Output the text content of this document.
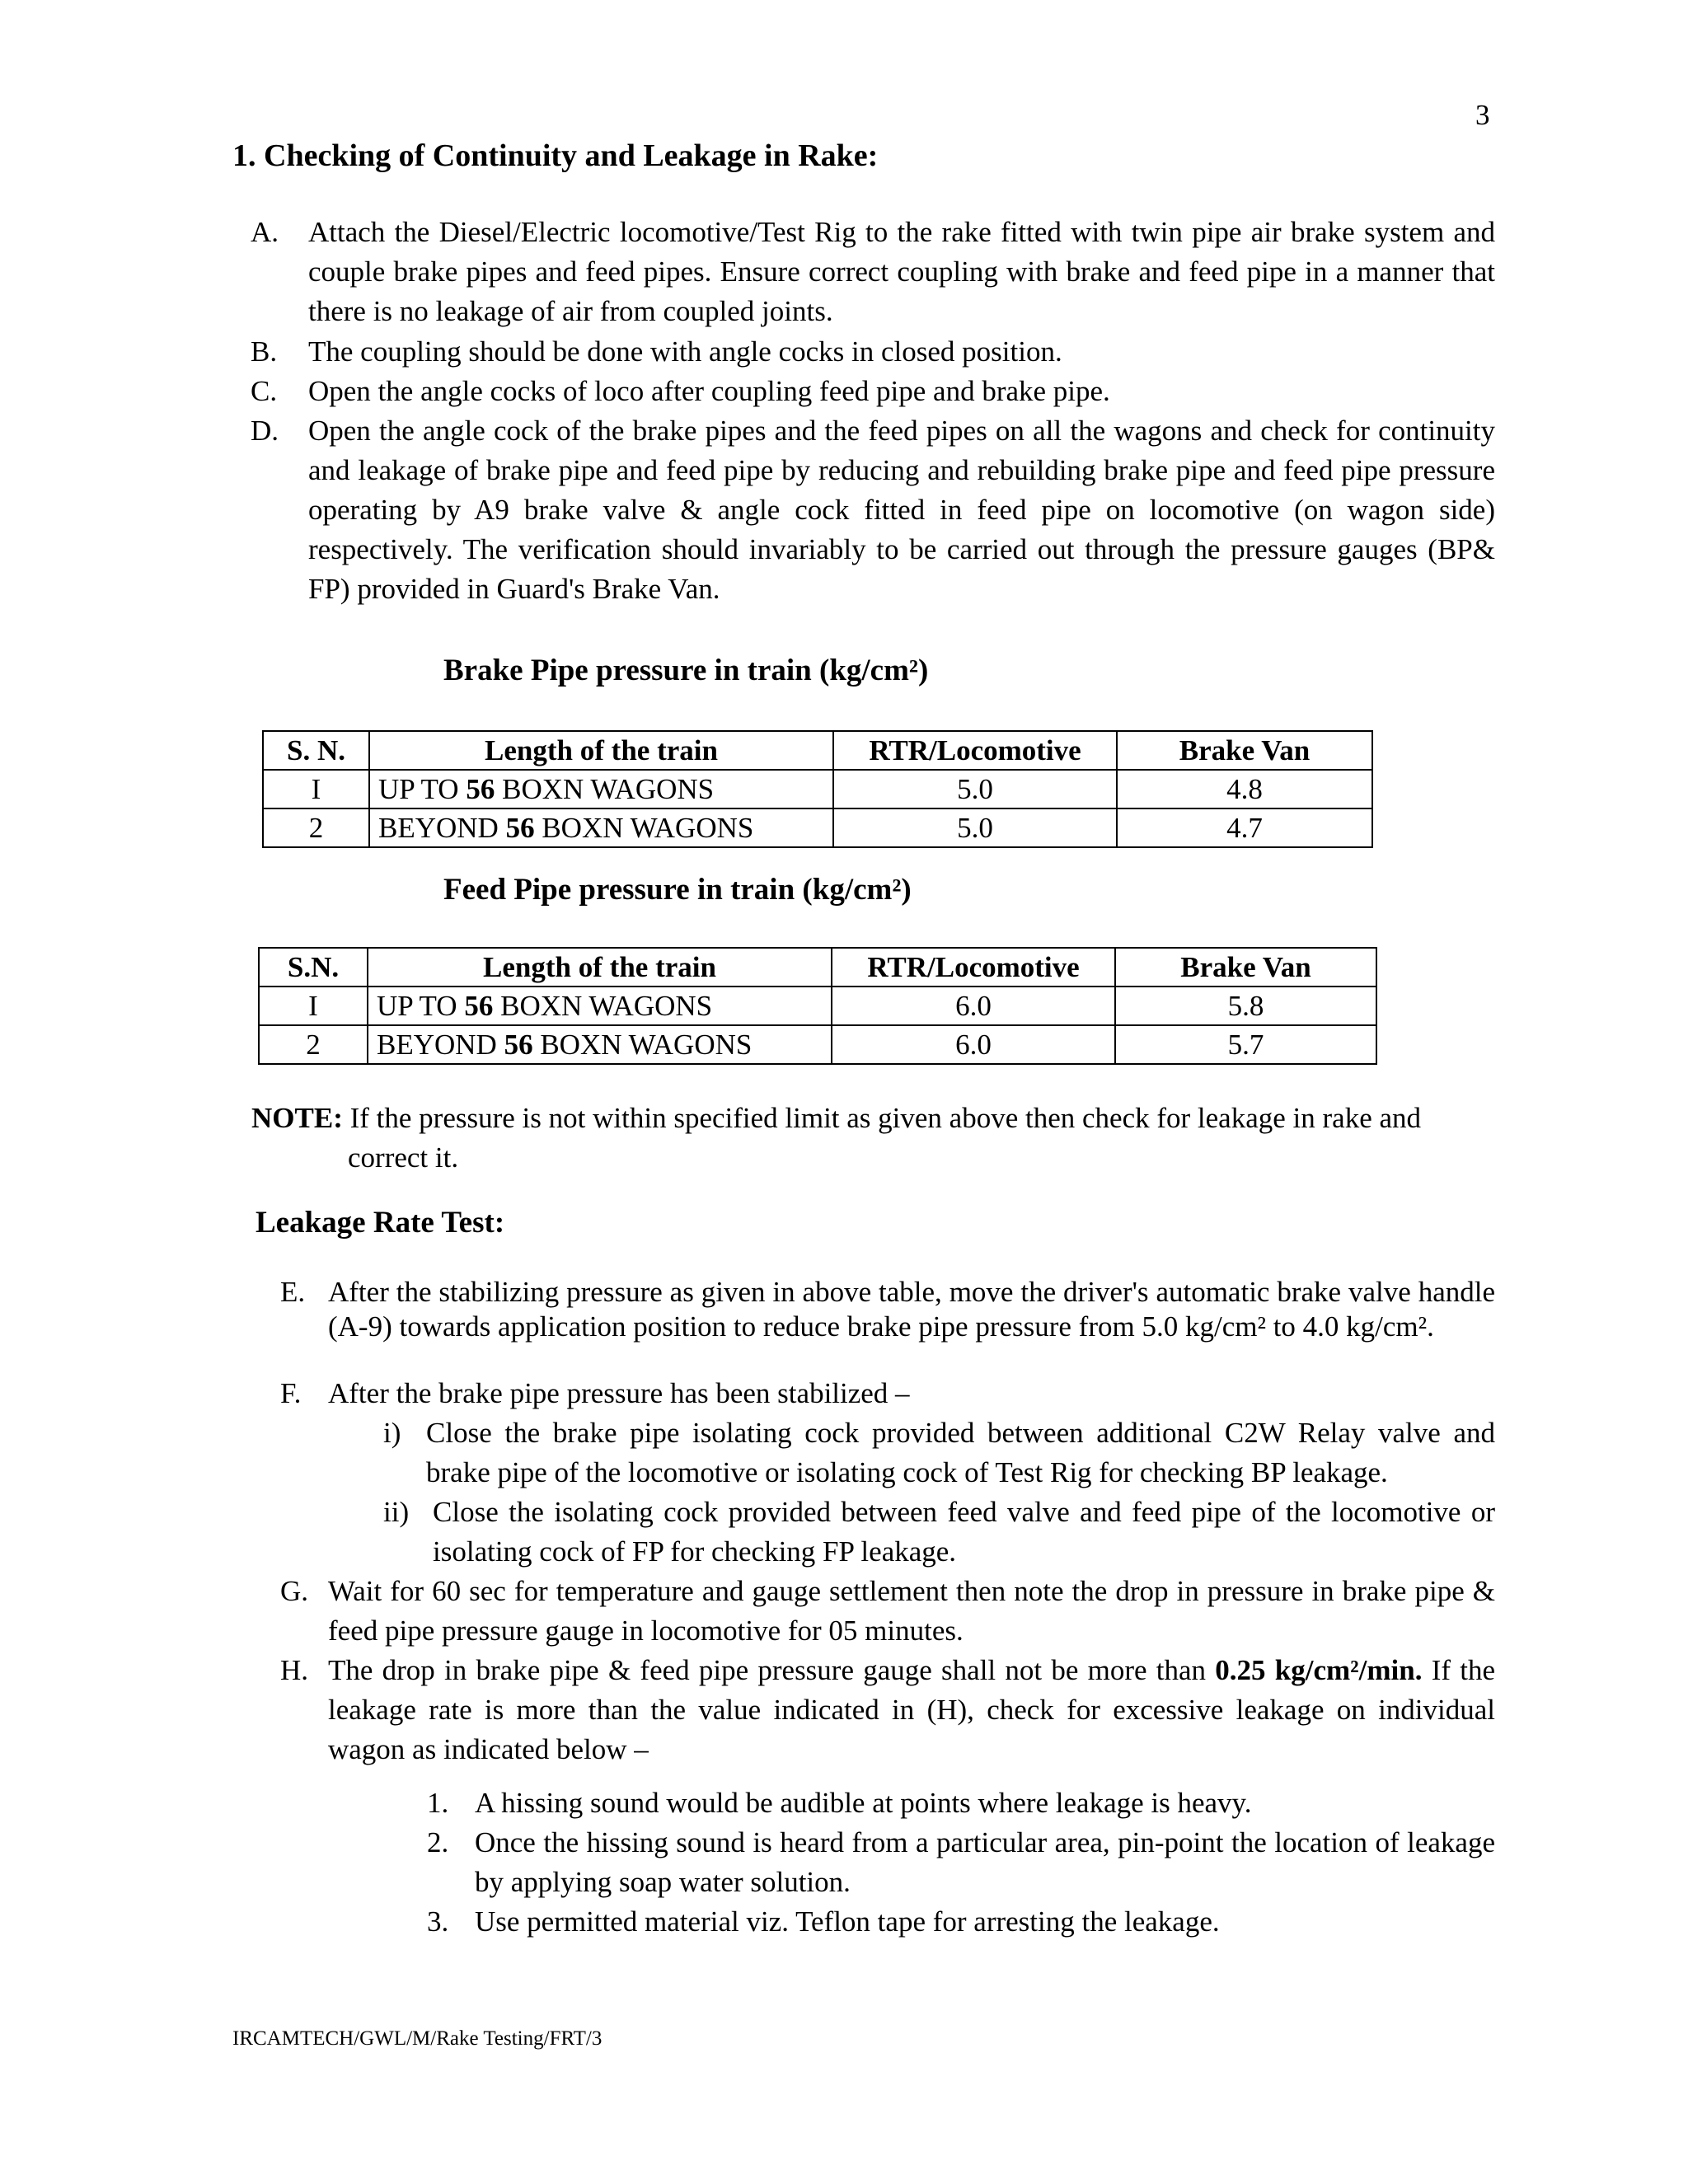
3
1. Checking of Continuity and Leakage in Rake:
A.	Attach the Diesel/Electric locomotive/Test Rig to the rake fitted with twin pipe air brake system and couple brake pipes and feed pipes. Ensure correct coupling with brake and feed pipe in a manner that there is no leakage of air from coupled joints.
B.	The coupling should be done with angle cocks in closed position.
C.	Open the angle cocks of loco after coupling feed pipe and brake pipe.
D.	Open the angle cock of the brake pipes and the feed pipes on all the wagons and check for continuity and leakage of brake pipe and feed pipe by reducing and rebuilding brake pipe and feed pipe pressure operating by A9 brake valve & angle cock fitted in feed pipe on locomotive (on wagon side) respectively. The verification should invariably to be carried out through the pressure gauges (BP& FP) provided in Guard's Brake Van.
Brake Pipe pressure in train (kg/cm²)
S. N.	Length of the train	RTR/Locomotive	Brake Van
I	UP TO 56 BOXN WAGONS	5.0	4.8
2	BEYOND 56 BOXN WAGONS	5.0	4.7
Feed Pipe pressure in train (kg/cm²)
S.N.	Length of the train	RTR/Locomotive	Brake Van
I	UP TO 56 BOXN WAGONS	6.0	5.8
2	BEYOND 56 BOXN WAGONS	6.0	5.7
NOTE: If the pressure is not within specified limit as given above then check for leakage in rake and
correct it.
Leakage Rate Test:
E. After the stabilizing pressure as given in above table, move the driver's automatic brake valve handle (A-9) towards application position to reduce brake pipe pressure from 5.0 kg/cm² to 4.0 kg/cm².
F. After the brake pipe pressure has been stabilized –
i) Close the brake pipe isolating cock provided between additional C2W Relay valve and brake pipe of the locomotive or isolating cock of Test Rig for checking BP leakage.
ii) Close the isolating cock provided between feed valve and feed pipe of the locomotive or isolating cock of FP for checking FP leakage.
G. Wait for 60 sec for temperature and gauge settlement then note the drop in pressure in brake pipe & feed pipe pressure gauge in locomotive for 05 minutes.
H. The drop in brake pipe & feed pipe pressure gauge shall not be more than 0.25 kg/cm²/min. If the leakage rate is more than the value indicated in (H), check for excessive leakage on individual wagon as indicated below –
1. A hissing sound would be audible at points where leakage is heavy.
2. Once the hissing sound is heard from a particular area, pin-point the location of leakage by applying soap water solution.
3. Use permitted material viz. Teflon tape for arresting the leakage.
IRCAMTECH/GWL/M/Rake Testing/FRT/3
